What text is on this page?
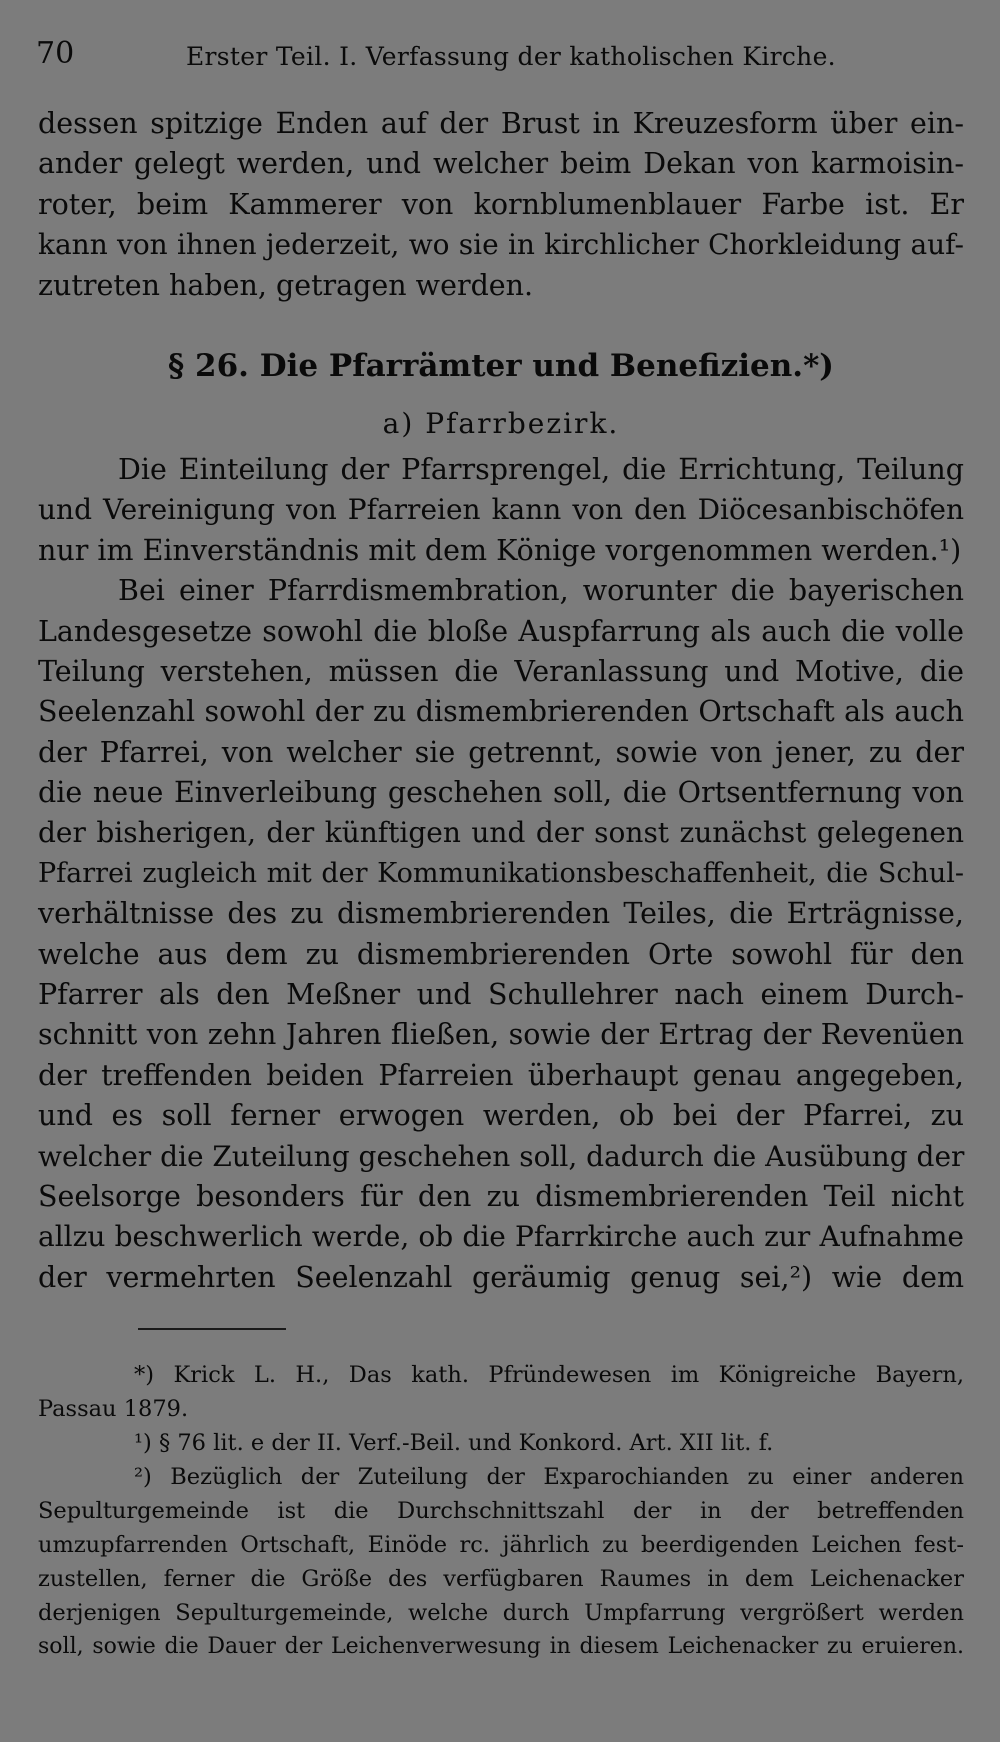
70	Erster Teil. I. Verfassung der katholischen Kirche.
dessen spitzige Enden auf der Brust in Kreuzesform über ein-
ander gelegt werden, und welcher beim Dekan von karmoisin-
roter, beim Kammerer von kornblumenblauer Farbe ist. Er
kann von ihnen jederzeit, wo sie in kirchlicher Chorkleidung auf-
zutreten haben, getragen werden.
§ 26. Die Pfarrämter und Benefizien.*)
a) Pfarrbezirk.
Die Einteilung der Pfarrsprengel, die Errichtung, Teilung
und Vereinigung von Pfarreien kann von den Diöcesanbischöfen
nur im Einverständnis mit dem Könige vorgenommen werden.¹)
Bei einer Pfarrdismembration, worunter die bayerischen
Landesgesetze sowohl die bloße Auspfarrung als auch die volle
Teilung verstehen, müssen die Veranlassung und Motive, die
Seelenzahl sowohl der zu dismembrierenden Ortschaft als auch
der Pfarrei, von welcher sie getrennt, sowie von jener, zu der
die neue Einverleibung geschehen soll, die Ortsentfernung von
der bisherigen, der künftigen und der sonst zunächst gelegenen
Pfarrei zugleich mit der Kommunikationsbeschaffenheit, die Schul-
verhältnisse des zu dismembrierenden Teiles, die Erträgnisse,
welche aus dem zu dismembrierenden Orte sowohl für den
Pfarrer als den Meßner und Schullehrer nach einem Durch-
schnitt von zehn Jahren fließen, sowie der Ertrag der Revenüen
der treffenden beiden Pfarreien überhaupt genau angegeben,
und es soll ferner erwogen werden, ob bei der Pfarrei, zu
welcher die Zuteilung geschehen soll, dadurch die Ausübung der
Seelsorge besonders für den zu dismembrierenden Teil nicht
allzu beschwerlich werde, ob die Pfarrkirche auch zur Aufnahme
der vermehrten Seelenzahl geräumig genug sei,²) wie dem
*) Krick L. H., Das kath. Pfründewesen im Königreiche Bayern,
Passau 1879.
¹) § 76 lit. e der II. Verf.-Beil. und Konkord. Art. XII lit. f.
²) Bezüglich der Zuteilung der Exparochianden zu einer anderen
Sepulturgemeinde ist die Durchschnittszahl der in der betreffenden
umzupfarrenden Ortschaft, Einöde rc. jährlich zu beerdigenden Leichen fest-
zustellen, ferner die Größe des verfügbaren Raumes in dem Leichenacker
derjenigen Sepulturgemeinde, welche durch Umpfarrung vergrößert werden
soll, sowie die Dauer der Leichenverwesung in diesem Leichenacker zu eruieren.
